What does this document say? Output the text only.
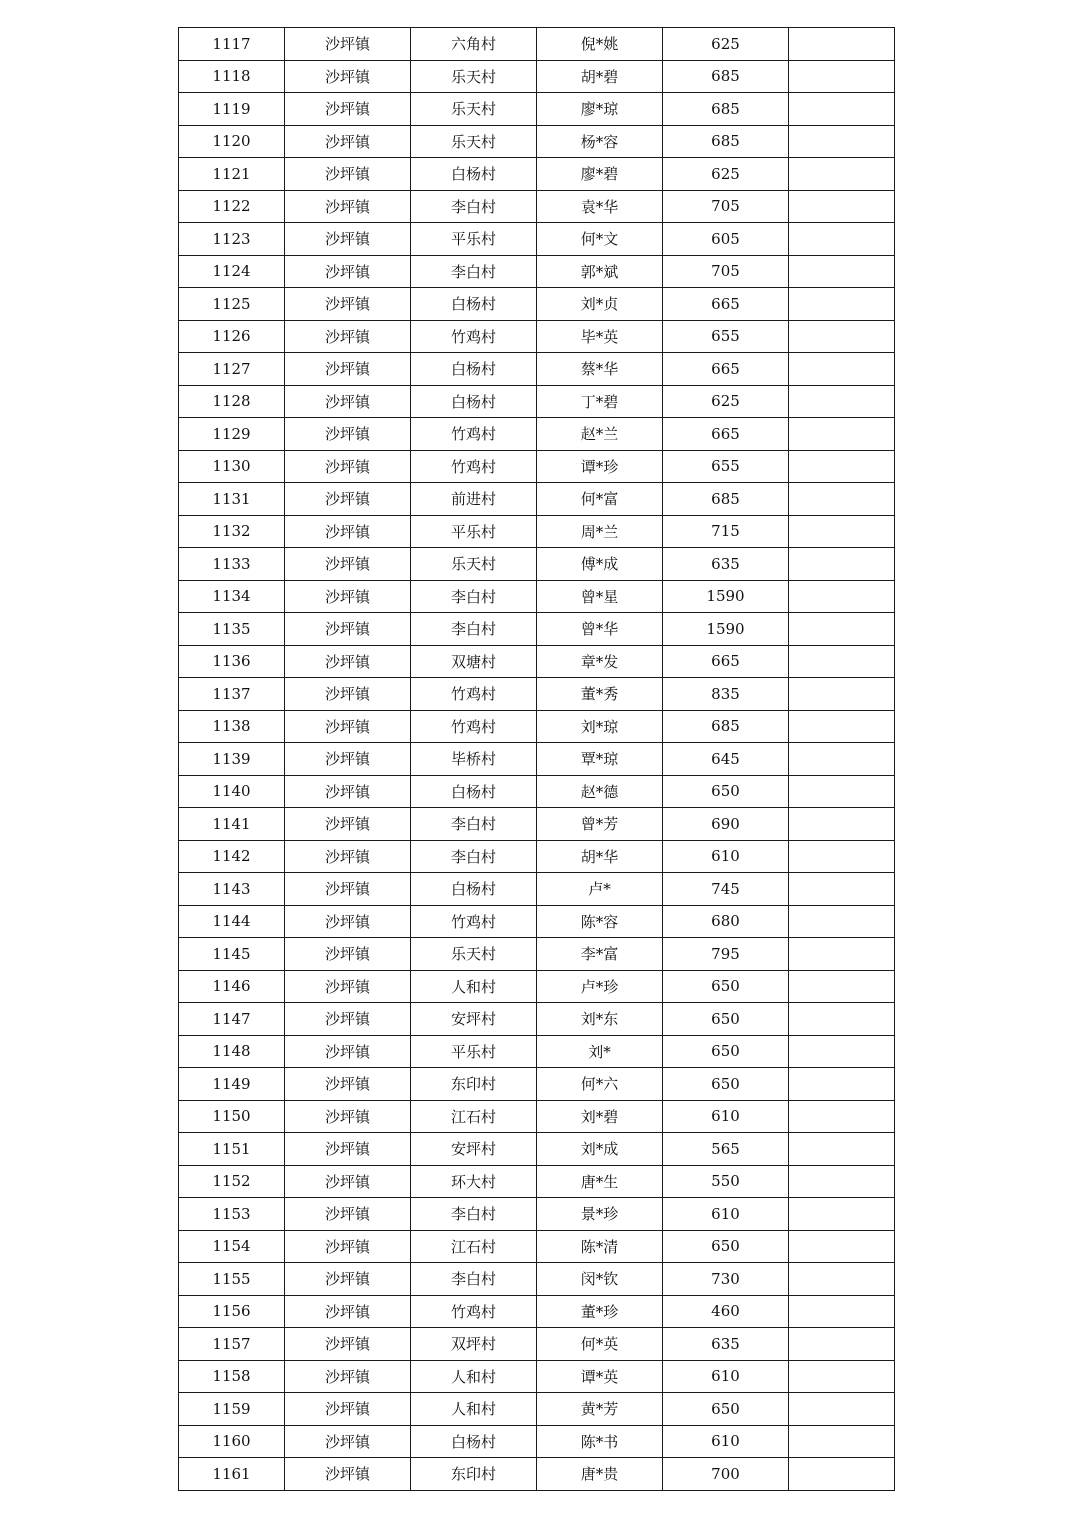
1117	沙坪镇	六角村	倪*姚	625	
1118	沙坪镇	乐天村	胡*碧	685	
1119	沙坪镇	乐天村	廖*琼	685	
1120	沙坪镇	乐天村	杨*容	685	
1121	沙坪镇	白杨村	廖*碧	625	
1122	沙坪镇	李白村	袁*华	705	
1123	沙坪镇	平乐村	何*文	605	
1124	沙坪镇	李白村	郭*斌	705	
1125	沙坪镇	白杨村	刘*贞	665	
1126	沙坪镇	竹鸡村	毕*英	655	
1127	沙坪镇	白杨村	蔡*华	665	
1128	沙坪镇	白杨村	丁*碧	625	
1129	沙坪镇	竹鸡村	赵*兰	665	
1130	沙坪镇	竹鸡村	谭*珍	655	
1131	沙坪镇	前进村	何*富	685	
1132	沙坪镇	平乐村	周*兰	715	
1133	沙坪镇	乐天村	傅*成	635	
1134	沙坪镇	李白村	曾*星	1590	
1135	沙坪镇	李白村	曾*华	1590	
1136	沙坪镇	双塘村	章*发	665	
1137	沙坪镇	竹鸡村	董*秀	835	
1138	沙坪镇	竹鸡村	刘*琼	685	
1139	沙坪镇	毕桥村	覃*琼	645	
1140	沙坪镇	白杨村	赵*德	650	
1141	沙坪镇	李白村	曾*芳	690	
1142	沙坪镇	李白村	胡*华	610	
1143	沙坪镇	白杨村	卢*	745	
1144	沙坪镇	竹鸡村	陈*容	680	
1145	沙坪镇	乐天村	李*富	795	
1146	沙坪镇	人和村	卢*珍	650	
1147	沙坪镇	安坪村	刘*东	650	
1148	沙坪镇	平乐村	刘*	650	
1149	沙坪镇	东印村	何*六	650	
1150	沙坪镇	江石村	刘*碧	610	
1151	沙坪镇	安坪村	刘*成	565	
1152	沙坪镇	环大村	唐*生	550	
1153	沙坪镇	李白村	景*珍	610	
1154	沙坪镇	江石村	陈*清	650	
1155	沙坪镇	李白村	闵*钦	730	
1156	沙坪镇	竹鸡村	董*珍	460	
1157	沙坪镇	双坪村	何*英	635	
1158	沙坪镇	人和村	谭*英	610	
1159	沙坪镇	人和村	黄*芳	650	
1160	沙坪镇	白杨村	陈*书	610	
1161	沙坪镇	东印村	唐*贵	700	
